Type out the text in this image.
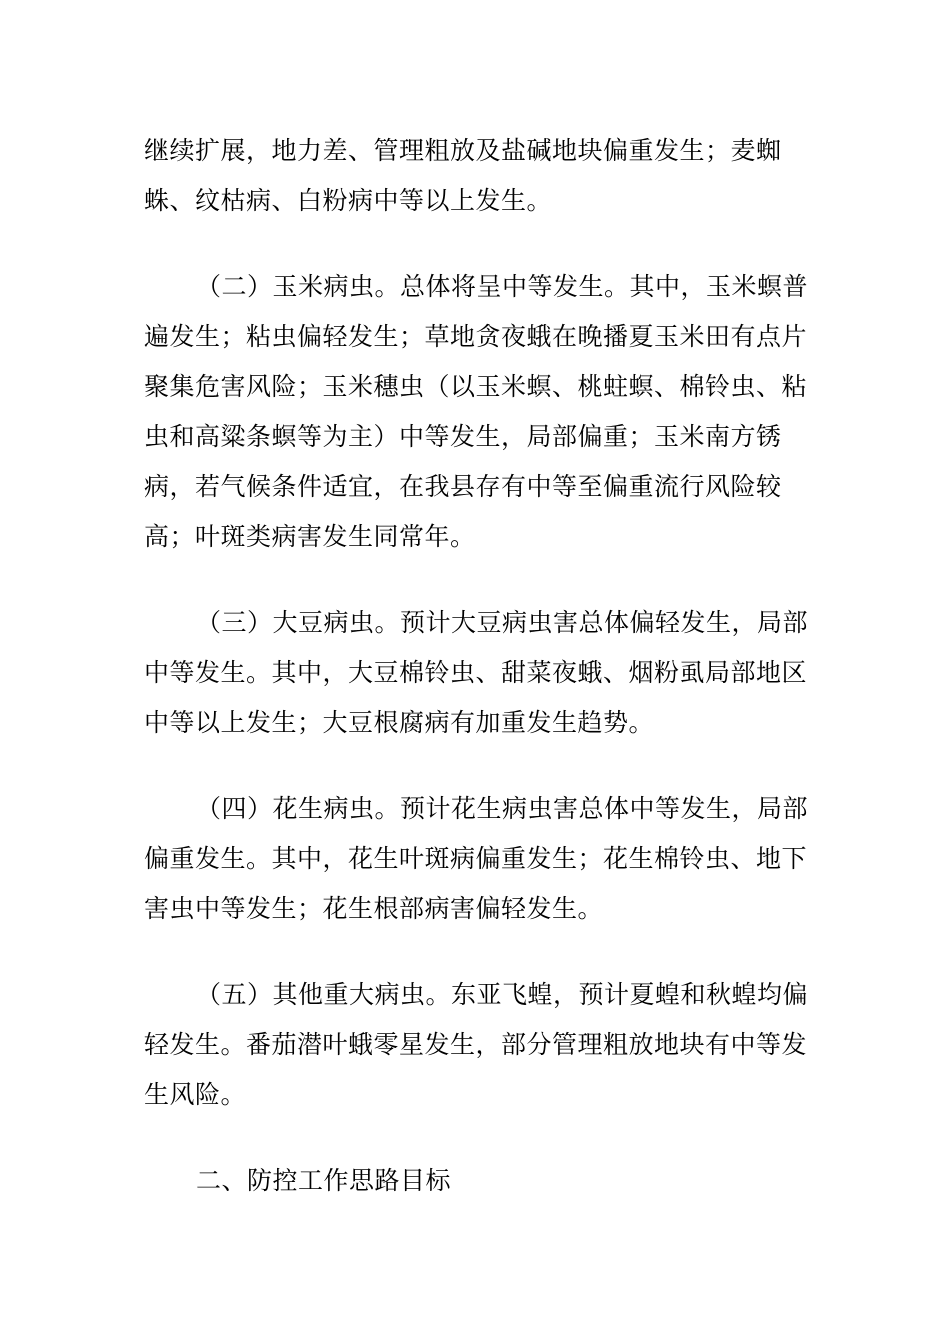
继续扩展，地力差、管理粗放及盐碱地块偏重发生；麦蜘蛛、纹枯病、白粉病中等以上发生。

（二）玉米病虫。总体将呈中等发生。其中，玉米螟普遍发生；粘虫偏轻发生；草地贪夜蛾在晚播夏玉米田有点片聚集危害风险；玉米穗虫（以玉米螟、桃蛀螟、棉铃虫、粘虫和高粱条螟等为主）中等发生，局部偏重；玉米南方锈病，若气候条件适宜，在我县存有中等至偏重流行风险较高；叶斑类病害发生同常年。

（三）大豆病虫。预计大豆病虫害总体偏轻发生，局部中等发生。其中，大豆棉铃虫、甜菜夜蛾、烟粉虱局部地区中等以上发生；大豆根腐病有加重发生趋势。

（四）花生病虫。预计花生病虫害总体中等发生，局部偏重发生。其中，花生叶斑病偏重发生；花生棉铃虫、地下害虫中等发生；花生根部病害偏轻发生。

（五）其他重大病虫。东亚飞蝗，预计夏蝗和秋蝗均偏轻发生。番茄潜叶蛾零星发生，部分管理粗放地块有中等发生风险。

二、防控工作思路目标
